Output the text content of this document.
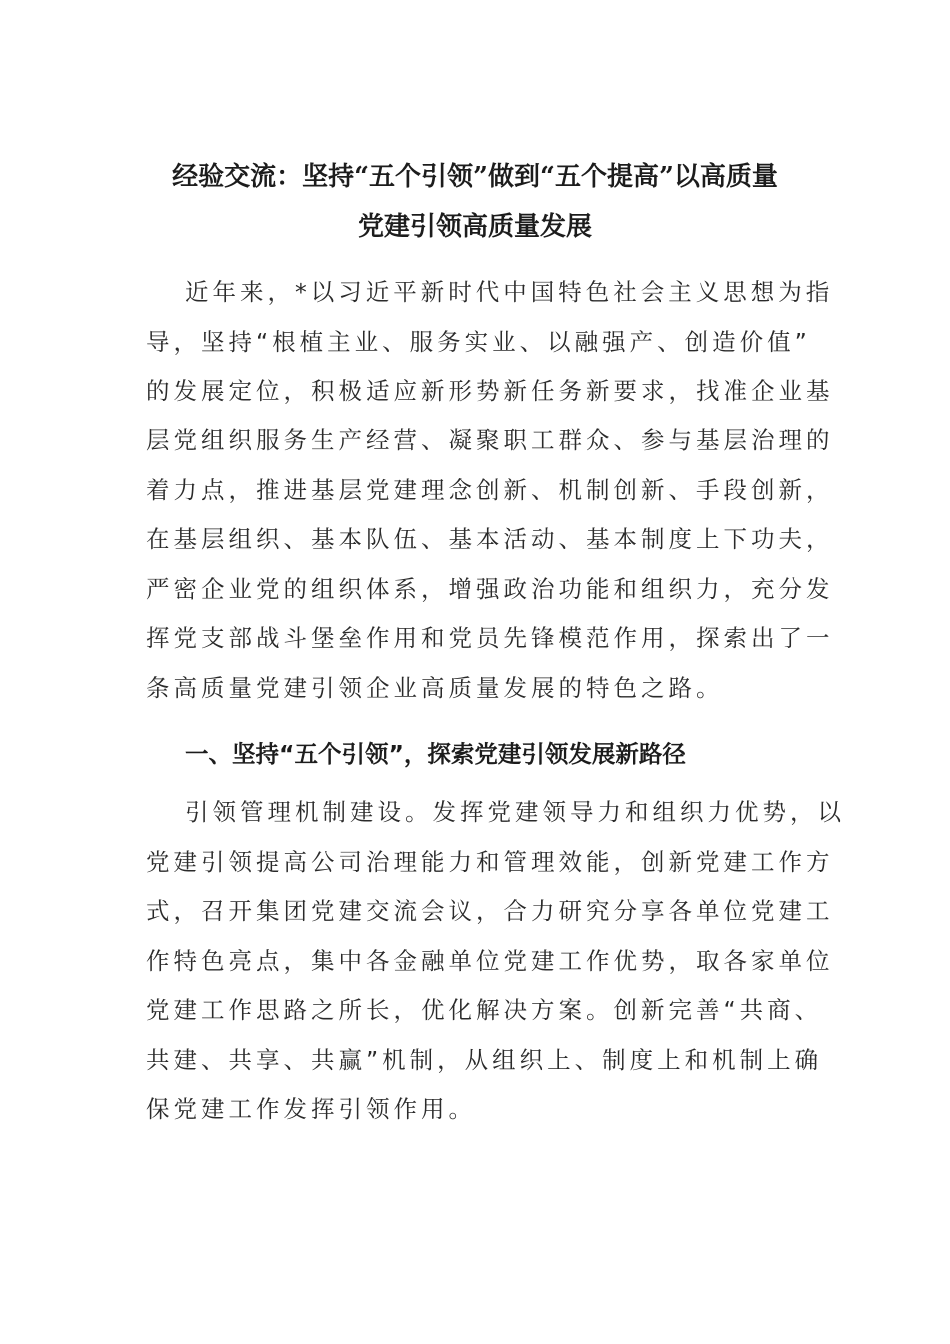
经验交流：坚持“五个引领”做到“五个提高”以高质量

党建引领高质量发展

近年来，*以习近平新时代中国特色社会主义思想为指

导，坚持“根植主业、服务实业、以融强产、创造价值”

的发展定位，积极适应新形势新任务新要求，找准企业基

层党组织服务生产经营、凝聚职工群众、参与基层治理的

着力点，推进基层党建理念创新、机制创新、手段创新，

在基层组织、基本队伍、基本活动、基本制度上下功夫，

严密企业党的组织体系，增强政治功能和组织力，充分发

挥党支部战斗堡垒作用和党员先锋模范作用，探索出了一

条高质量党建引领企业高质量发展的特色之路。

一、坚持“五个引领”，探索党建引领发展新路径

引领管理机制建设。发挥党建领导力和组织力优势，以

党建引领提高公司治理能力和管理效能，创新党建工作方

式，召开集团党建交流会议，合力研究分享各单位党建工

作特色亮点，集中各金融单位党建工作优势，取各家单位

党建工作思路之所长，优化解决方案。创新完善“共商、

共建、共享、共赢”机制，从组织上、制度上和机制上确

保党建工作发挥引领作用。
